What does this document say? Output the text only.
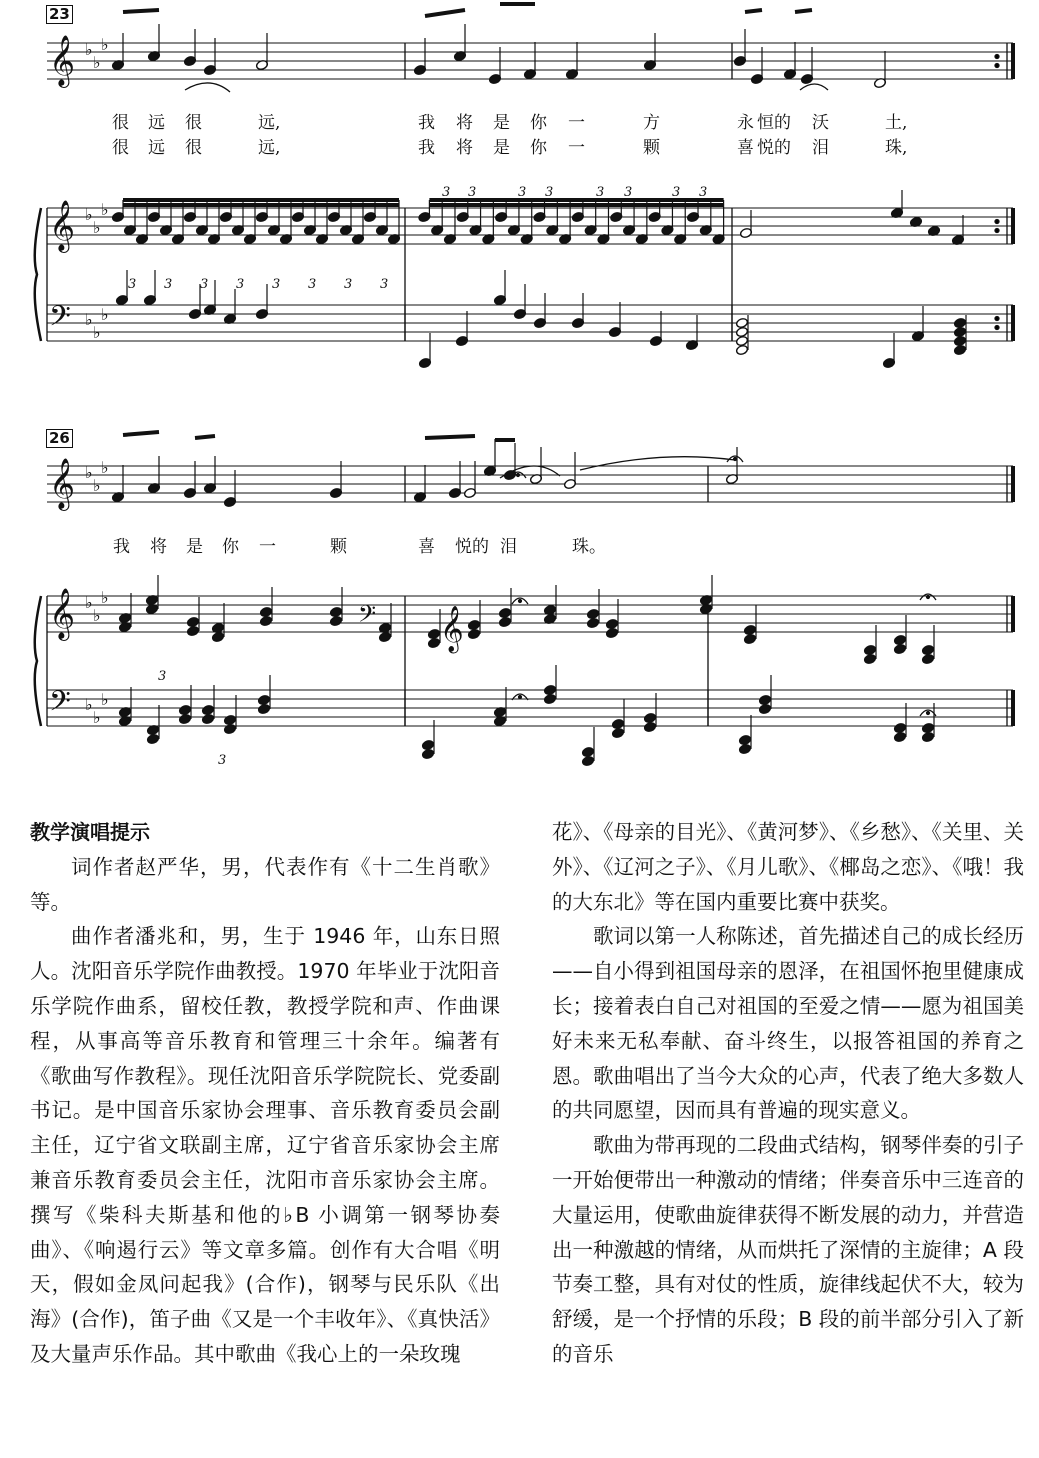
𝄞 ♭
♭
♭
𝄞 ♭
♭
♭
𝄢 ♭
♭
♭
𝄞 ♭
♭
♭
𝄞 ♭
♭
♭
𝄢 ♭
♭
♭
𝄢 𝄞
3 3 3 3 3 3 3 3
3 3	3 3	3 3	3 3
3
3
23
26
很 远 很	远,	我 将 是 你 一	方	永 恒的 沃	土,
很 远 很	远,	我 将 是 你 一	颗	喜 悦的 泪	珠,
我 将 是 你 一	颗	喜 悦的 泪	珠。
教学演唱提示

词作者赵严华，男，代表作有《十二生肖歌》等。

曲作者潘兆和，男，生于 1946 年，山东日照人。沈阳音乐学院作曲教授。1970 年毕业于沈阳音乐学院作曲系，留校任教，教授学院和声、作曲课程，从事高等音乐教育和管理三十余年。编著有《歌曲写作教程》。现任沈阳音乐学院院长、党委副书记。是中国音乐家协会理事、音乐教育委员会副主任，辽宁省文联副主席，辽宁省音乐家协会主席兼音乐教育委员会主任，沈阳市音乐家协会主席。撰写《柴科夫斯基和他的♭B 小调第一钢琴协奏曲》、《响遏行云》等文章多篇。创作有大合唱《明天，假如金凤问起我》(合作)，钢琴与民乐队《出海》(合作)，笛子曲《又是一个丰收年》、《真快活》及大量声乐作品。其中歌曲《我心上的一朵玫瑰

花》、《母亲的目光》、《黄河梦》、《乡愁》、《关里、关外》、《辽河之子》、《月儿歌》、《椰岛之恋》、《哦！我的大东北》等在国内重要比赛中获奖。

歌词以第一人称陈述，首先描述自己的成长经历——自小得到祖国母亲的恩泽，在祖国怀抱里健康成长；接着表白自己对祖国的至爱之情——愿为祖国美好未来无私奉献、奋斗终生，以报答祖国的养育之恩。歌曲唱出了当今大众的心声，代表了绝大多数人的共同愿望，因而具有普遍的现实意义。

歌曲为带再现的二段曲式结构，钢琴伴奏的引子一开始便带出一种激动的情绪；伴奏音乐中三连音的大量运用，使歌曲旋律获得不断发展的动力，并营造出一种激越的情绪，从而烘托了深情的主旋律；A 段节奏工整，具有对仗的性质，旋律线起伏不大，较为舒缓，是一个抒情的乐段；B 段的前半部分引入了新的音乐
